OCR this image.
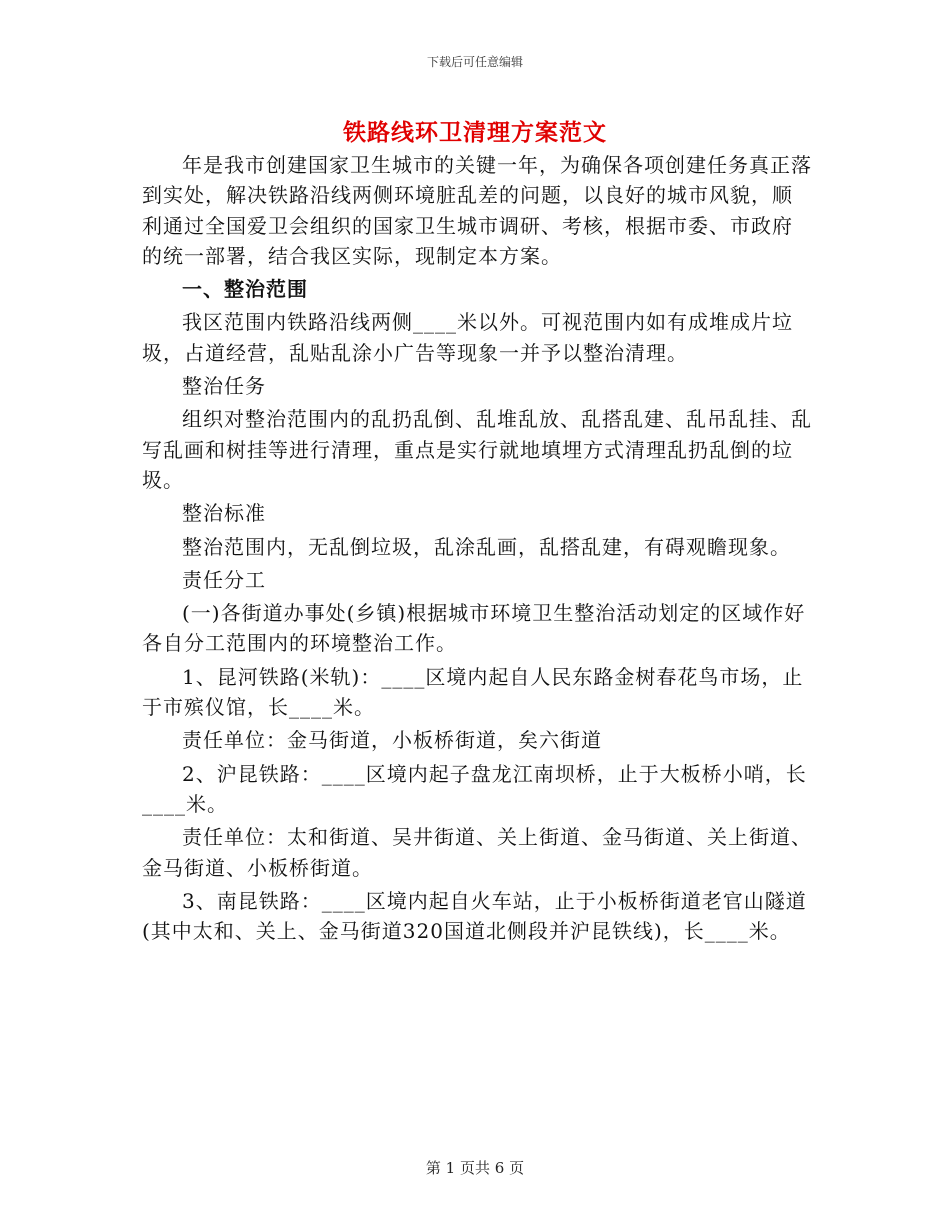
下载后可任意编辑
铁路线环卫清理方案范文

年是我市创建国家卫生城市的关键一年，为确保各项创建任务真正落到实处，解决铁路沿线两侧环境脏乱差的问题，以良好的城市风貌，顺利通过全国爱卫会组织的国家卫生城市调研、考核，根据市委、市政府的统一部署，结合我区实际，现制定本方案。

一、整治范围

我区范围内铁路沿线两侧____米以外。可视范围内如有成堆成片垃圾，占道经营，乱贴乱涂小广告等现象一并予以整治清理。

整治任务

组织对整治范围内的乱扔乱倒、乱堆乱放、乱搭乱建、乱吊乱挂、乱写乱画和树挂等进行清理，重点是实行就地填埋方式清理乱扔乱倒的垃圾。

整治标准

整治范围内，无乱倒垃圾，乱涂乱画，乱搭乱建，有碍观瞻现象。

责任分工

(一)各街道办事处(乡镇)根据城市环境卫生整治活动划定的区域作好各自分工范围内的环境整治工作。

1、昆河铁路(米轨)：____区境内起自人民东路金树春花鸟市场，止于市殡仪馆，长____米。

责任单位：金马街道，小板桥街道，矣六街道

2、沪昆铁路：____区境内起子盘龙江南坝桥，止于大板桥小哨，长____米。

责任单位：太和街道、吴井街道、关上街道、金马街道、关上街道、金马街道、小板桥街道。

3、南昆铁路：____区境内起自火车站，止于小板桥街道老官山隧道(其中太和、关上、金马街道320国道北侧段并沪昆铁线)，长____米。

第 1 页共 6 页
